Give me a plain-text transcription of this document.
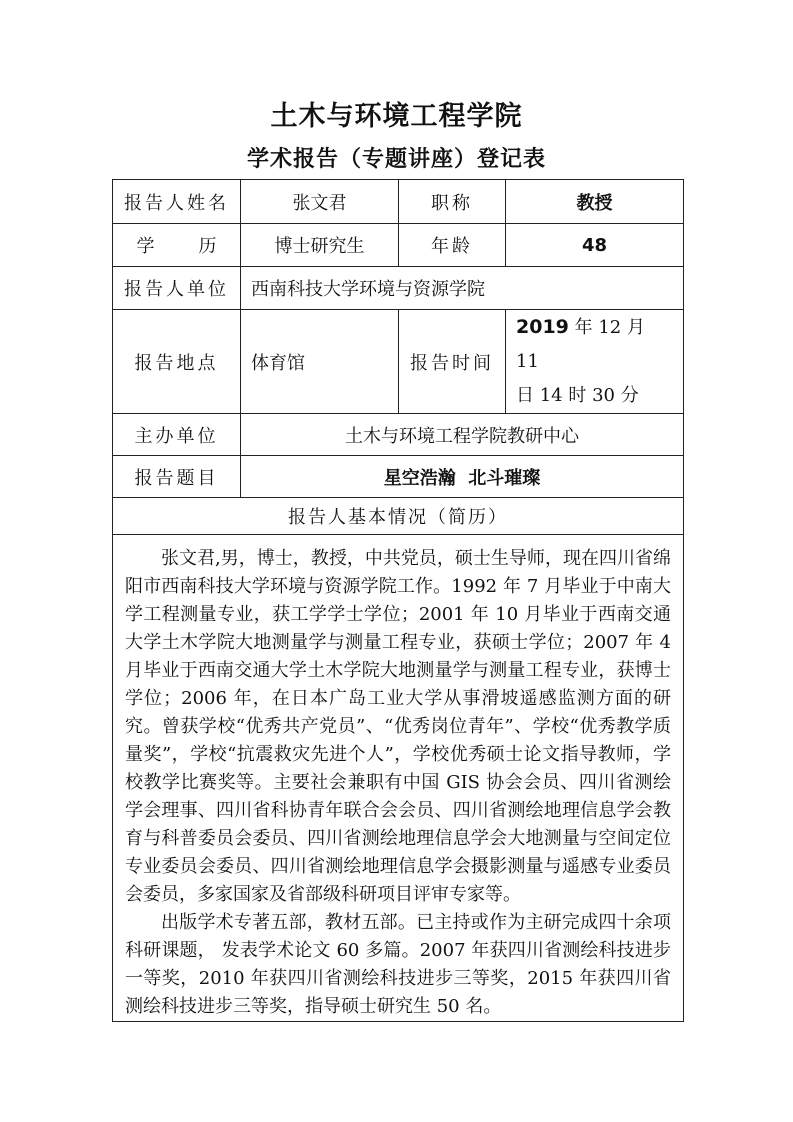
土木与环境工程学院
学术报告（专题讲座）登记表
报告人姓名	张文君	职称	教授
学 历	博士研究生	年龄	48
报告人单位	西南科技大学环境与资源学院		
报告地点	体育馆	报告时间	2019 年 12 月  11
日 14 时 30 分

主办单位	土木与环境工程学院教研中心		
报告题目	星空浩瀚  北斗璀璨		
报告人基本情况（简历）			

张文君,男，博士，教授，中共党员，硕士生导师，现在四川省绵阳市西南科技大学环境与资源学院工作。1992 年 7 月毕业于中南大学工程测量专业，获工学学士学位；2001 年 10 月毕业于西南交通大学土木学院大地测量学与测量工程专业，获硕士学位；2007 年 4 月毕业于西南交通大学土木学院大地测量学与测量工程专业，获博士学位；2006 年，在日本广岛工业大学从事滑坡遥感监测方面的研究。曾获学校“优秀共产党员”、“优秀岗位青年”、学校“优秀教学质量奖”，学校“抗震救灾先进个人”，学校优秀硕士论文指导教师，学校教学比赛奖等。主要社会兼职有中国 GIS 协会会员、四川省测绘学会理事、四川省科协青年联合会会员、四川省测绘地理信息学会教育与科普委员会委员、四川省测绘地理信息学会大地测量与空间定位专业委员会委员、四川省测绘地理信息学会摄影测量与遥感专业委员会委员，多家国家及省部级科研项目评审专家等。

出版学术专著五部，教材五部。已主持或作为主研完成四十余项科研课题， 发表学术论文 60 多篇。2007 年获四川省测绘科技进步一等奖，2010 年获四川省测绘科技进步三等奖，2015 年获四川省测绘科技进步三等奖，指导硕士研究生 50 名。			
